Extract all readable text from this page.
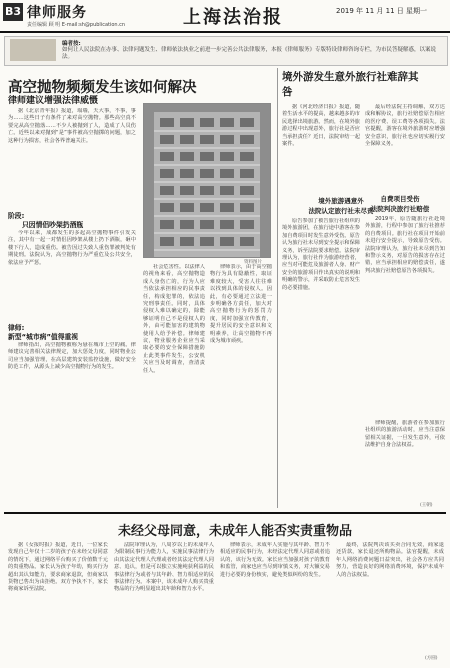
B3 律师服务
责任编辑 顾 明 E-mail:sh@publication.cn	上海法治报	2019 年 11 月 11 日 星期一
编者按:
如何让人民法院在办事、法律问题发生、律师依法执业之前进一步完善公共法律服务，本报《律师服务》专版特设律师咨询专栏，为市民答疑解惑，以案说法。
高空抛物频频发生该如何解决
律师建议增强法律威慑
据《北京青年报》报道，塌墙，天大事，不事，事为……这些日子有条件了来对高空抛物。那些高空真不要完从高空抛落……不少人被抛到了人，造成了人员伤亡。近些以来对抛到“是”事件被高空抛掷的问题，加之这种行为损害，社会各界普遍关注。
阶段:
只因情侣吵架扔酒瓶
今年以来，成都发生的多起高空抛物事件引发关注，其中有一起一对情侣因吵架从楼上扔下酒瓶，砸中楼下行人，造成重伤。被告因过失致人重伤罪被判处有期徒刑。法院认为，高空抛物行为严重危及公共安全，依法应予严惩。
律师:
新型“城市病”值得重视
律师指出，高空抛物被称为悬在城市上空的痛。律师建议完善相关法律规定，加大惩处力度，同时物业公司应当加强管理，在高层建筑安装监控设施，做好安全防范工作，从源头上减少高空抛物行为的发生。
资料图片
社会危害性。以法律人的视角来看，高空抛物造成人身伤亡的，行为人应当依法承担相应的民事责任，构成犯罪的，依法追究刑事责任。同时，具体侵权人难以确定的，除能够证明自己不是侵权人的外，由可能加害的建筑物使用人给予补偿。律师建议，物业服务企业应当采取必要的安全保障措施防止此类事件发生，公安机关应当及时调查，查清责任人。
律师表示，由于高空抛物行为具有隐蔽性，取证难度较大，受害人往往难以找到具体的侵权人。因此，有必要通过立法进一步明确各方责任，加大对高空抛物行为的惩罚力度，同时加强宣传教育，提升居民的安全意识和文明素养，让高空抛物不再成为城市顽疾。
境外游发生意外旅行社难辞其咎
据《河北经济日报》报道，随着生活水平的提高，越来越多的市民选择出境旅游。然而，在境外旅游过程中出现意外，旅行社是否应当承担责任？近日，法院审结一起案件。
境外旅游遇意外
法院认定旅行社未尽责
原告参加了被告旅行社组织的境外旅游团，在旅行途中游客在参加自费项目时发生意外受伤。原告认为旅行社未尽到安全提示和保障义务，诉至法院要求赔偿。法院审理认为，旅行社作为旅游经营者，应当对可能危及旅游者人身、财产安全的旅游项目作出真实的说明和明确的警示，并采取防止危害发生的必要措施。
最后经法院主持调解，双方达成和解协议，旅行社赔偿原告相应的医疗费、误工费等各项损失。法官提醒，游客在境外旅游时应增强安全意识，旅行社也应切实履行安全保障义务。
自费项目受伤
法院判决旅行社赔偿
2019年，原告随旅行社赴境外旅游，行程中参加了旅行社推荐的自费项目。旅行社在项目开始前未进行安全提示，导致原告受伤。法院审理认为，旅行社未尽到告知和警示义务，对原告的损害存在过错，应当承担相应的赔偿责任，遂判决旅行社赔偿原告各项损失。
律师提醒，旅游者在参加旅行社组织的旅游活动时，应当注意保留相关证据，一旦发生意外，可依法维护自身合法权益。
(王朝)
未经父母同意，未成年人能否实责重物品
据《女报时报》报道，近日，一位家长发现自己年仅十二岁的孩子在未经父母同意的情况下，通过网络平台购买了价值数千元的贵重物品。家长认为孩子年幼，购买行为超出其认知能力，要求商家退款，但商家以货物已售出为由拒绝。双方争执不下，家长将商家诉至法院。
法院审理认为，八周岁以上的未成年人为限制民事行为能力人，实施民事法律行为由其法定代理人代理或者经其法定代理人同意、追认，但是可以独立实施纯获利益的民事法律行为或者与其年龄、智力相适应的民事法律行为。本案中，该未成年人购买贵重物品的行为明显超出其年龄和智力水平。
律师表示，未成年人实施与其年龄、智力不相适应的民事行为，未经法定代理人同意或者追认的，该行为无效。家长应当加强对孩子的教育和监管，商家也应当尽到审慎义务，对大额交易进行必要的身份核实，避免类似纠纷的发生。
最终，法院判决该买卖合同无效，商家退还货款，家长退还所购物品。法官提醒，未成年人网络消费问题日益突出，社会各方应共同努力，营造良好的网络消费环境，保护未成年人的合法权益。
(方圆)
